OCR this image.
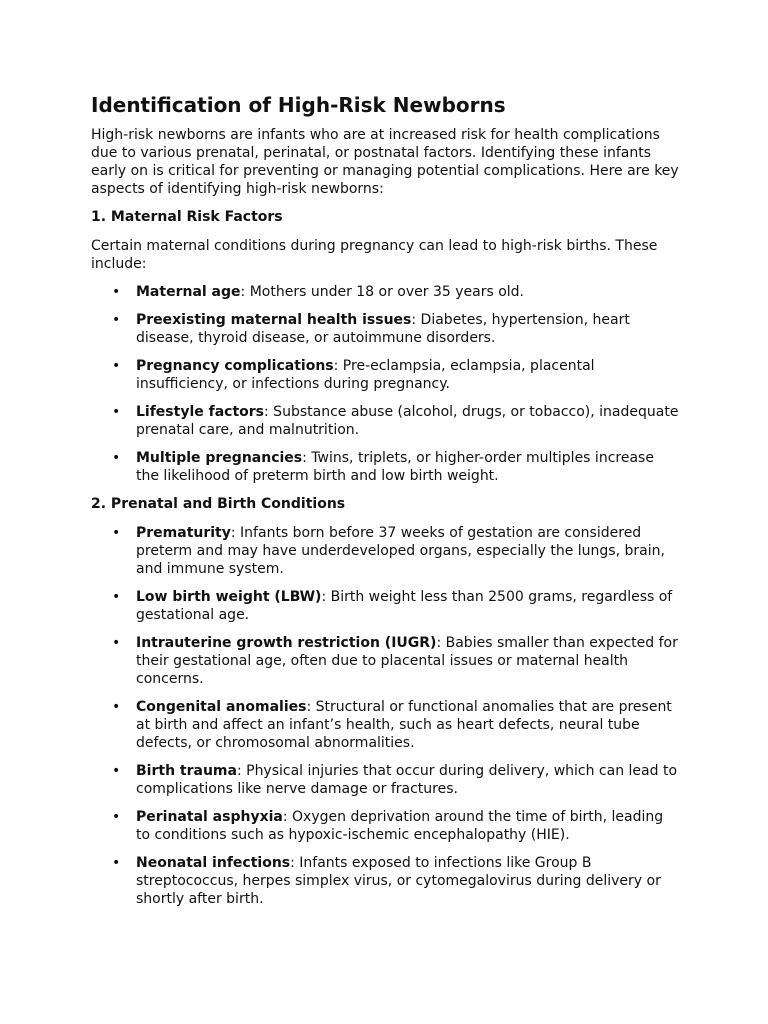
Identification of High-Risk Newborns

High-risk newborns are infants who are at increased risk for health complications due to various prenatal, perinatal, or postnatal factors. Identifying these infants early on is critical for preventing or managing potential complications. Here are key aspects of identifying high-risk newborns:

1. Maternal Risk Factors

Certain maternal conditions during pregnancy can lead to high-risk births. These include:

• Maternal age: Mothers under 18 or over 35 years old.
• Preexisting maternal health issues: Diabetes, hypertension, heart disease, thyroid disease, or autoimmune disorders.
• Pregnancy complications: Pre-eclampsia, eclampsia, placental insufficiency, or infections during pregnancy.
• Lifestyle factors: Substance abuse (alcohol, drugs, or tobacco), inadequate prenatal care, and malnutrition.
• Multiple pregnancies: Twins, triplets, or higher-order multiples increase the likelihood of preterm birth and low birth weight.
2. Prenatal and Birth Conditions
• Prematurity: Infants born before 37 weeks of gestation are considered preterm and may have underdeveloped organs, especially the lungs, brain, and immune system.
• Low birth weight (LBW): Birth weight less than 2500 grams, regardless of gestational age.
• Intrauterine growth restriction (IUGR): Babies smaller than expected for their gestational age, often due to placental issues or maternal health concerns.
• Congenital anomalies: Structural or functional anomalies that are present at birth and affect an infant’s health, such as heart defects, neural tube defects, or chromosomal abnormalities.
• Birth trauma: Physical injuries that occur during delivery, which can lead to complications like nerve damage or fractures.
• Perinatal asphyxia: Oxygen deprivation around the time of birth, leading to conditions such as hypoxic-ischemic encephalopathy (HIE).
• Neonatal infections: Infants exposed to infections like Group B streptococcus, herpes simplex virus, or cytomegalovirus during delivery or shortly after birth.
